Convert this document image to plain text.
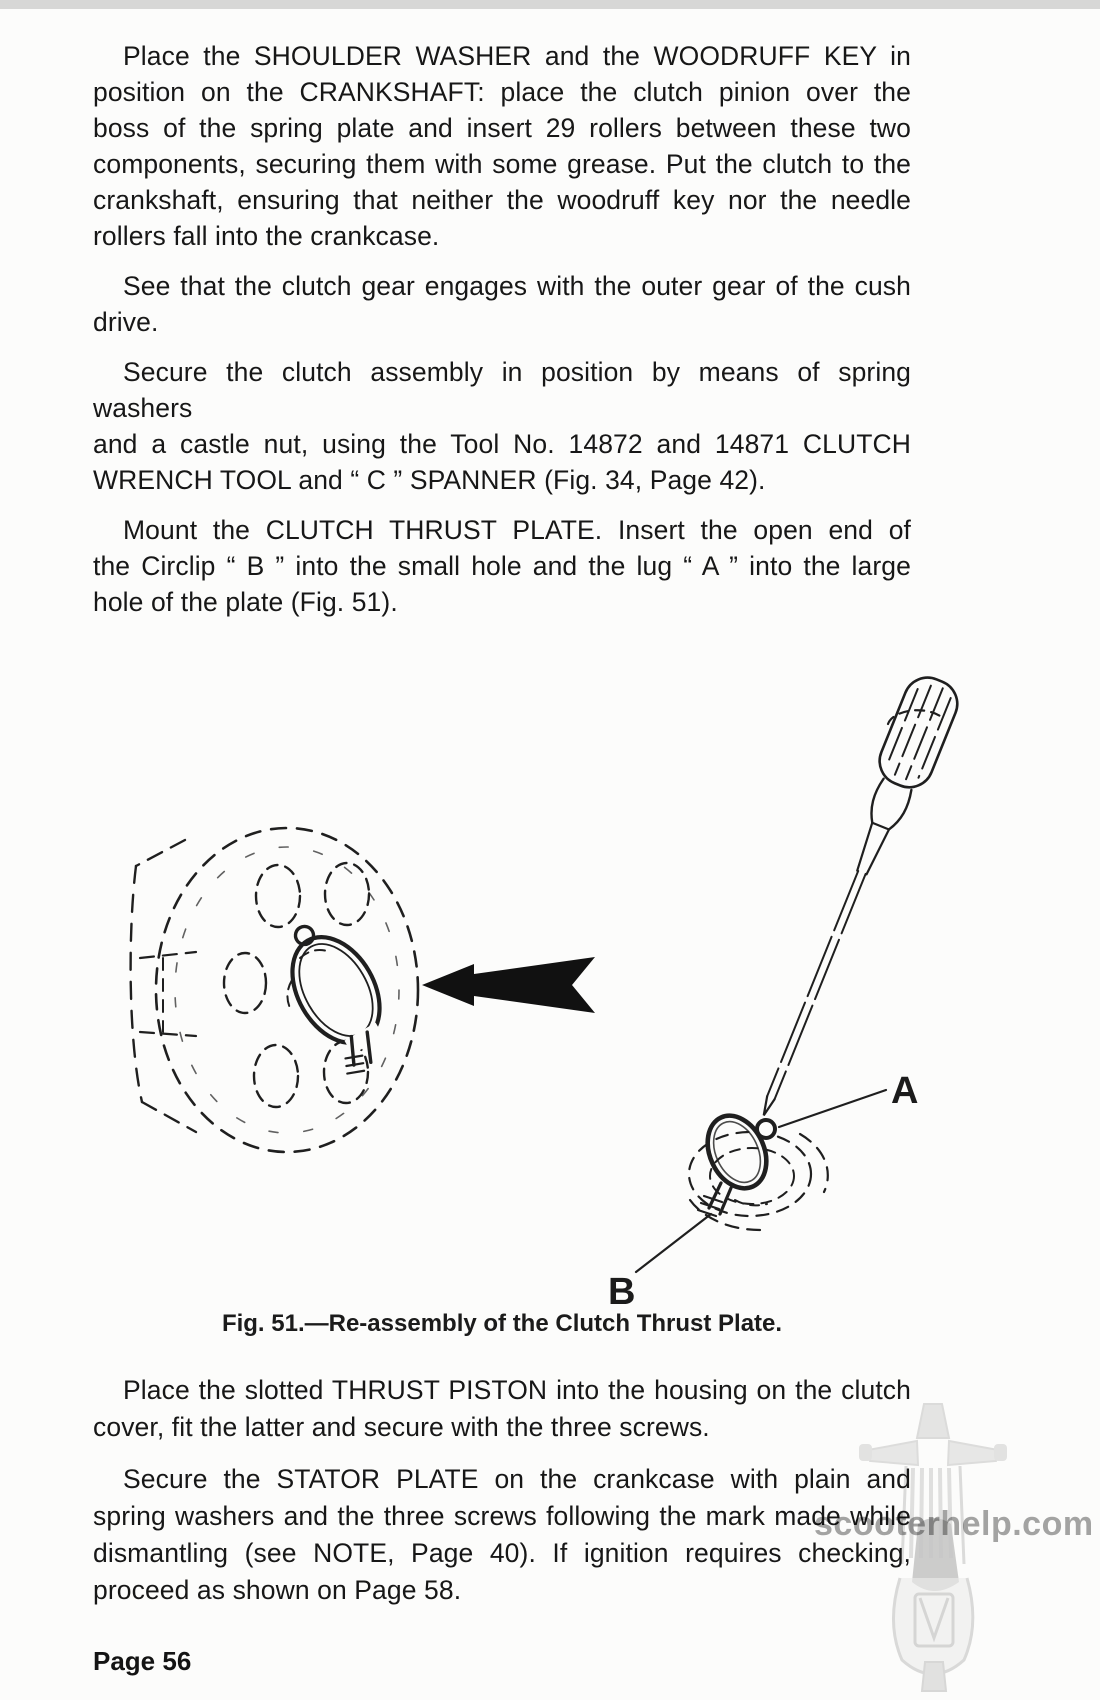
Place the SHOULDER WASHER and the WOODRUFF KEY in
position on the CRANKSHAFT: place the clutch pinion over the
boss of the spring plate and insert 29 rollers between these two
components, securing them with some grease. Put the clutch to the
crankshaft, ensuring that neither the woodruff key nor the needle
rollers fall into the crankcase.
See that the clutch gear engages with the outer gear of the cush
drive.
Secure the clutch assembly in position by means of spring washers
and a castle nut, using the Tool No. 14872 and 14871 CLUTCH
WRENCH TOOL and “ C ” SPANNER (Fig. 34, Page 42).
Mount the CLUTCH THRUST PLATE. Insert the open end of
the Circlip “ B ” into the small hole and the lug “ A ” into the large
hole of the plate (Fig. 51).
A
B
Fig. 51.—Re-assembly of the Clutch Thrust Plate.
Place the slotted THRUST PISTON into the housing on the clutch
cover, fit the latter and secure with the three screws.
Secure the STATOR PLATE on the crankcase with plain and
spring washers and the three screws following the mark made while
dismantling (see NOTE, Page 40). If ignition requires checking,
proceed as shown on Page 58.
scooterhelp.com
Page 56
